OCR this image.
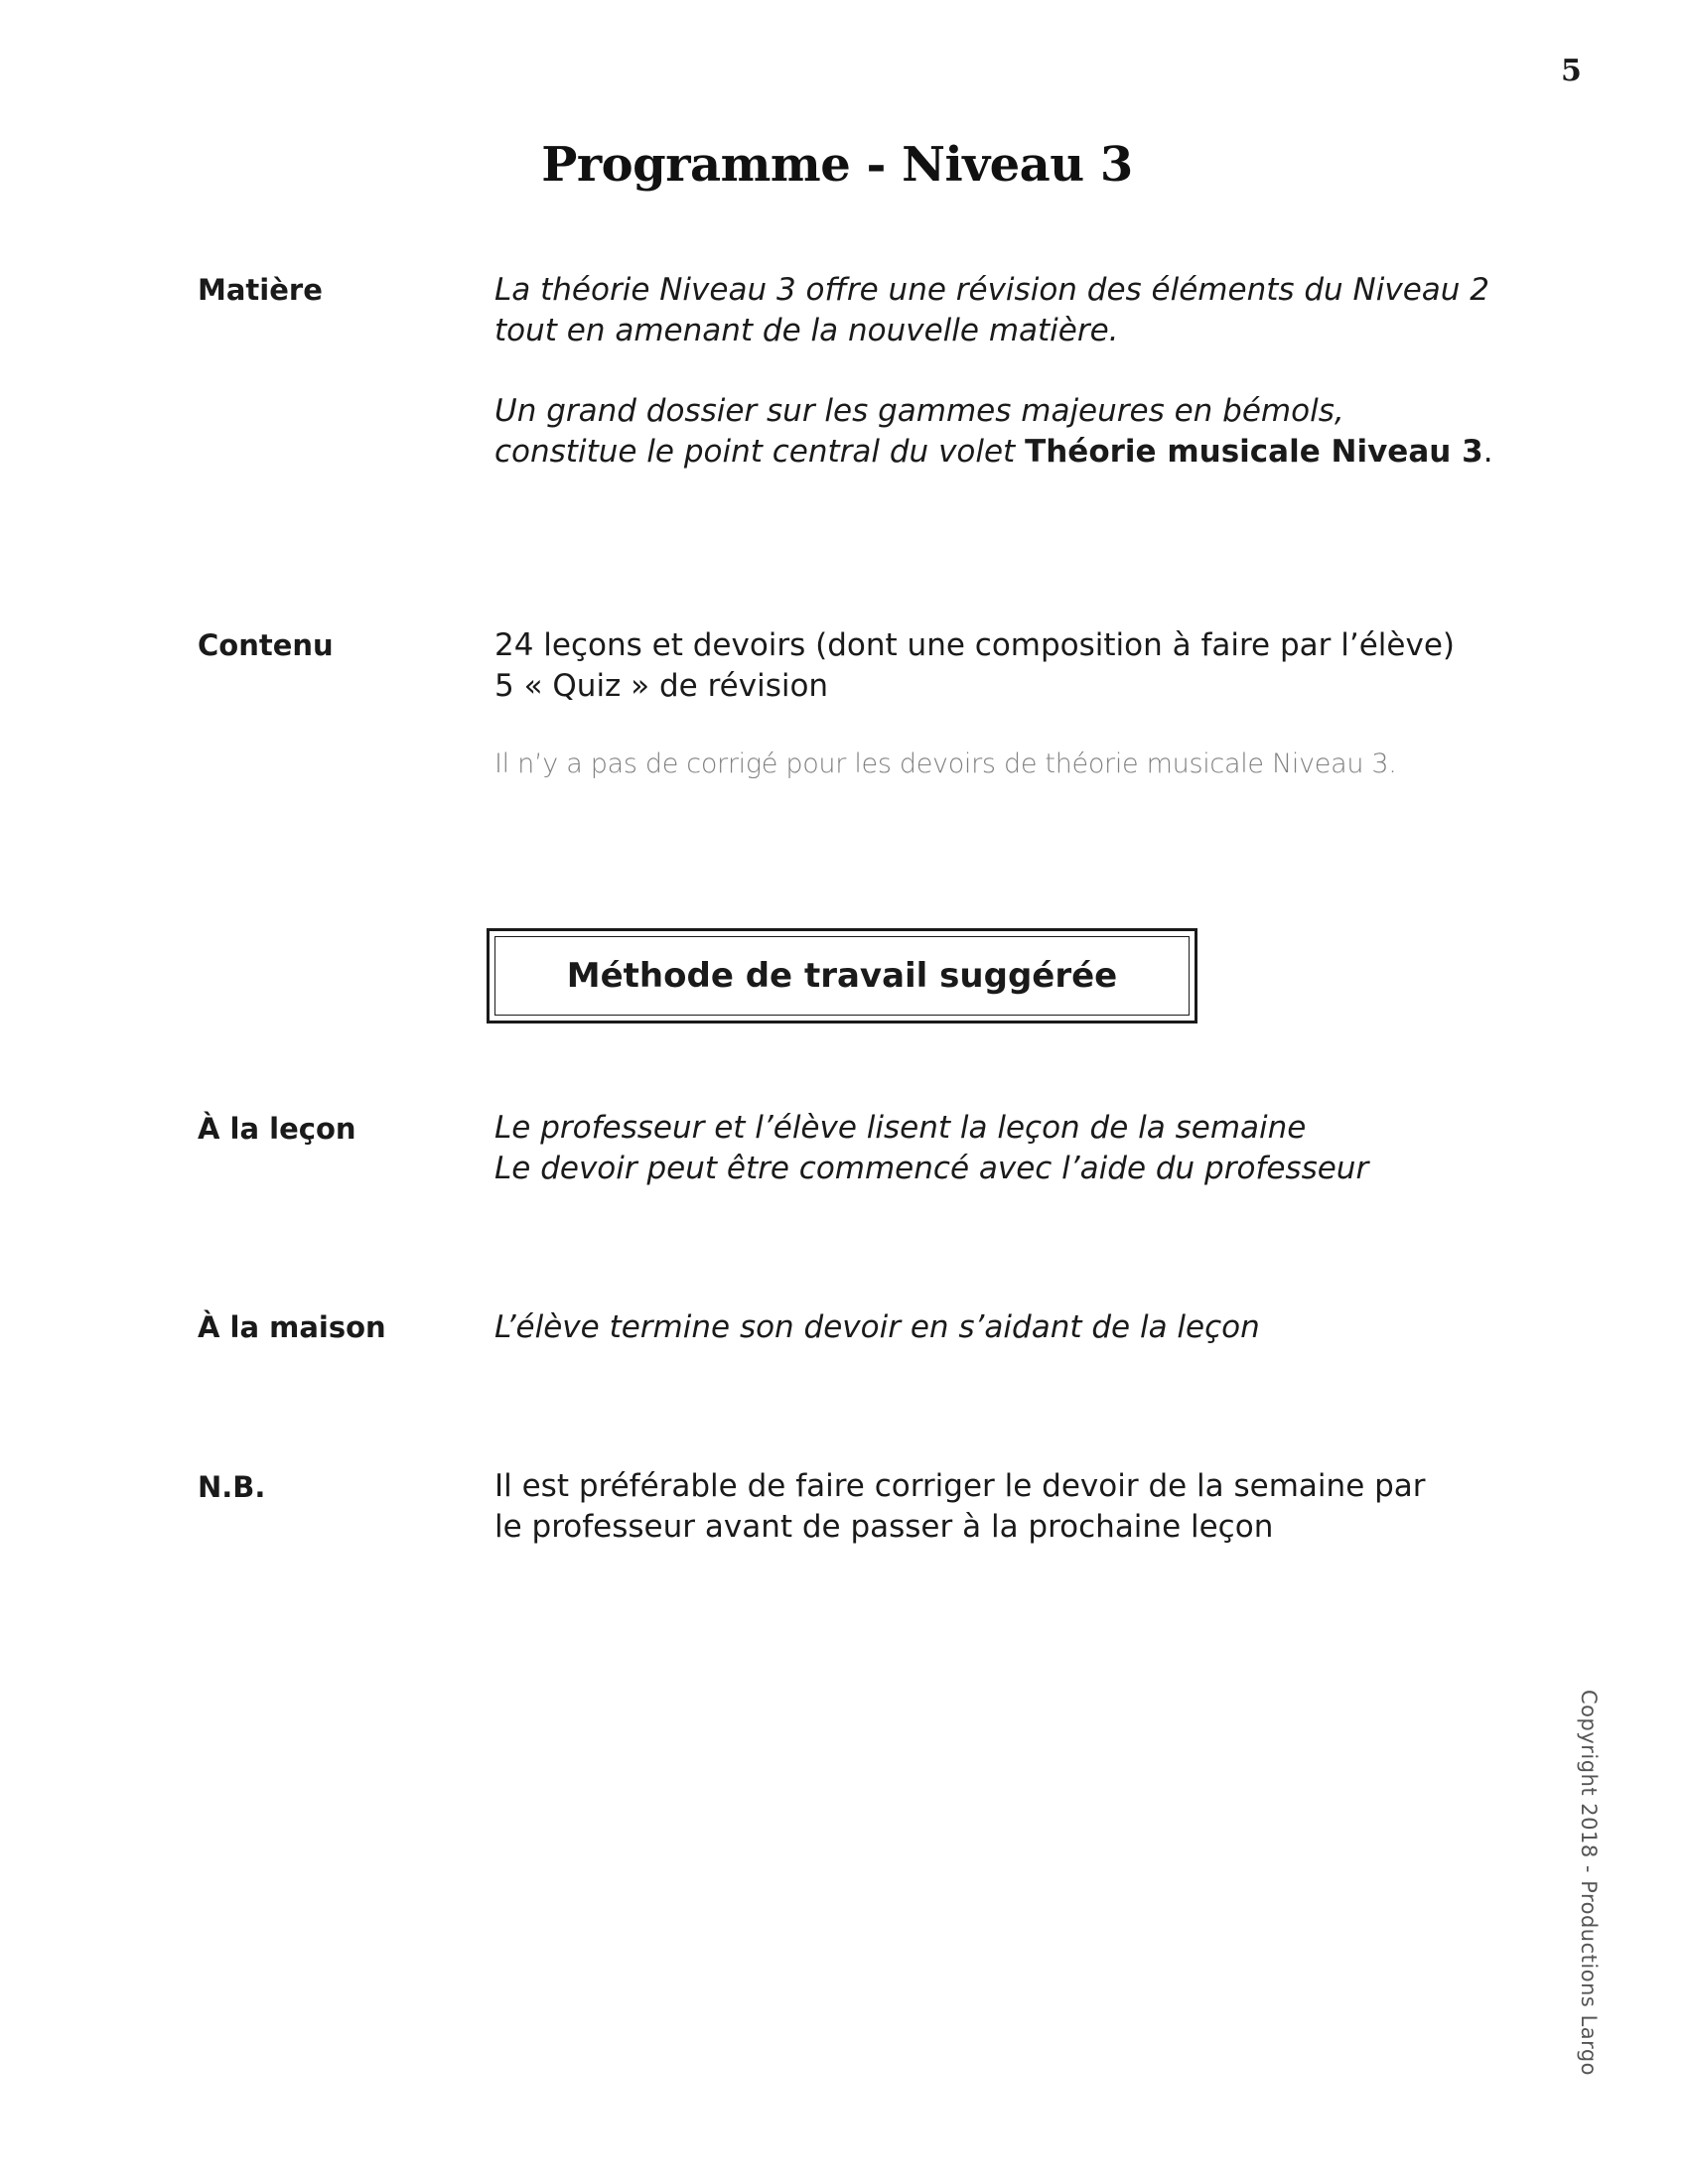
5
Programme - Niveau 3
Matière	La théorie Niveau 3 offre une révision des éléments du Niveau 2
tout en amenant de la nouvelle matière.

Un grand dossier sur les gammes majeures en bémols,
constitue le point central du volet Théorie musicale Niveau 3.

Contenu	24 leçons et devoirs (dont une composition à faire par l’élève)
5 « Quiz » de révision

Il n’y a pas de corrigé pour les devoirs de théorie musicale Niveau 3.

Méthode de travail suggérée
À la leçon	Le professeur et l’élève lisent la leçon de la semaine
Le devoir peut être commencé avec l’aide du professeur

À la maison	L’élève termine son devoir en s’aidant de la leçon

N.B.	Il est préférable de faire corriger le devoir de la semaine par
le professeur avant de passer à la prochaine leçon

Copyright 2018 - Productions Largo
